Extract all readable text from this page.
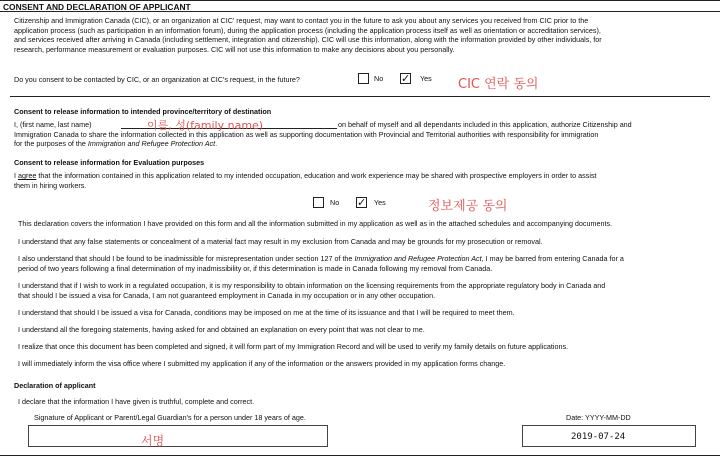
CONSENT AND DECLARATION OF APPLICANT
Citizenship and Immigration Canada (CIC), or an organization at CIC' request, may want to contact you in the future to ask you about any services you received from CIC prior to the
application process (such as participation in an information forum), during the application process (including the application process itself as well as orientation or accreditation services),
and services received after arriving in Canada (including settlement, integration and citizenship). CIC will use this information, along with the information provided by other individuals, for
research, performance measurement or evaluation purposes. CIC will not use this information to make any decisions about you personally.
Do you consent to be contacted by CIC, or an organization at CIC's request, in the future?	No ✓ Yes CIC 연락 동의
Consent to release information to intended province/territory of destination
I, (first name, last name)	이름, 성(family name)	on behalf of myself and all dependants included in this application, authorize Citizenship and
Immigration Canada to share the information collected in this application as well as supporting documentation with Provincial and Territorial authorities with responsibility for immigration
for the purposes of the Immigration and Refugee Protection Act.
Consent to release information for Evaluation purposes
I agree that the information contained in this application related to my intended occupation, education and work experience may be shared with prospective employers in order to assist
them in hiring workers.
No ✓ Yes	정보제공 동의
This declaration covers the information I have provided on this form and all the information submitted in my application as well as in the attached schedules and accompanying documents.
I understand that any false statements or concealment of a material fact may result in my exclusion from Canada and may be grounds for my prosecution or removal.
I also understand that should I be found to be inadmissible for misrepresentation under section 127 of the Immigration and Refugee Protection Act, I may be barred from entering Canada for a
period of two years following a final determination of my inadmissibility or, if this determination is made in Canada following my removal from Canada.
I understand that if I wish to work in a regulated occupation, it is my responsibility to obtain information on the licensing requirements from the appropriate regulatory body in Canada and
that should I be issued a visa for Canada, I am not guaranteed employment in Canada in my occupation or in any other occupation.
I understand that should I be issued a visa for Canada, conditions may be imposed on me at the time of its issuance and that I will be required to meet them.
I understand all the foregoing statements, having asked for and obtained an explanation on every point that was not clear to me.
I realize that once this document has been completed and signed, it will form part of my Immigration Record and will be used to verify my family details on future applications.
I will immediately inform the visa office where I submitted my application if any of the information or the answers provided in my application forms change.
Declaration of applicant
I declare that the information I have given is truthful, complete and correct.
Signature of Applicant or Parent/Legal Guardian's for a person under 18 years of age.
서명
Date: YYYY-MM-DD
2019-07-24
